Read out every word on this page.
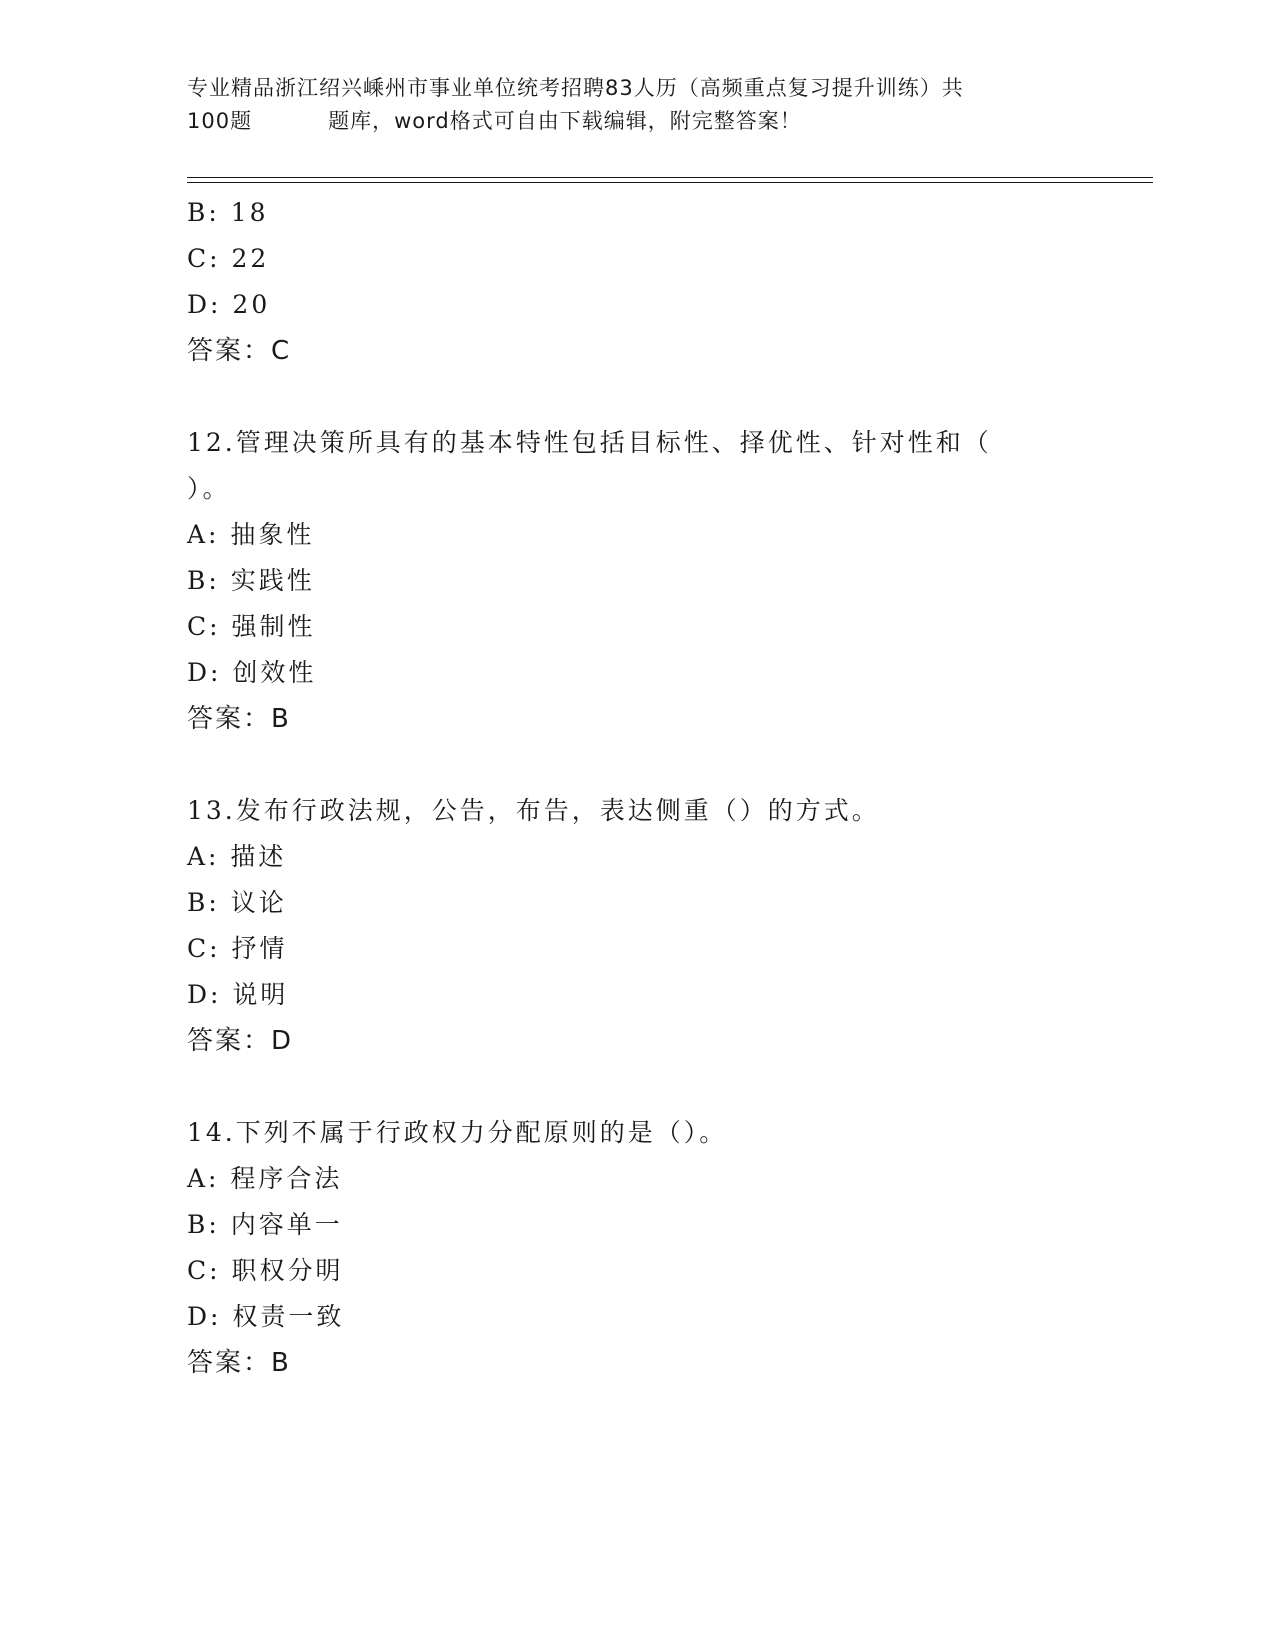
专业精品浙江绍兴嵊州市事业单位统考招聘83人历（高频重点复习提升训练）共
100题	题库，word格式可自由下载编辑，附完整答案！
B: 18
C: 22
D: 20
答案：C
12.管理决策所具有的基本特性包括目标性、择优性、针对性和（
）。
A: 抽象性
B: 实践性
C: 强制性
D: 创效性
答案：B
13.发布行政法规，公告，布告，表达侧重（）的方式。
A: 描述
B: 议论
C: 抒情
D: 说明
答案：D
14.下列不属于行政权力分配原则的是（）。
A: 程序合法
B: 内容单一
C: 职权分明
D: 权责一致
答案：B
